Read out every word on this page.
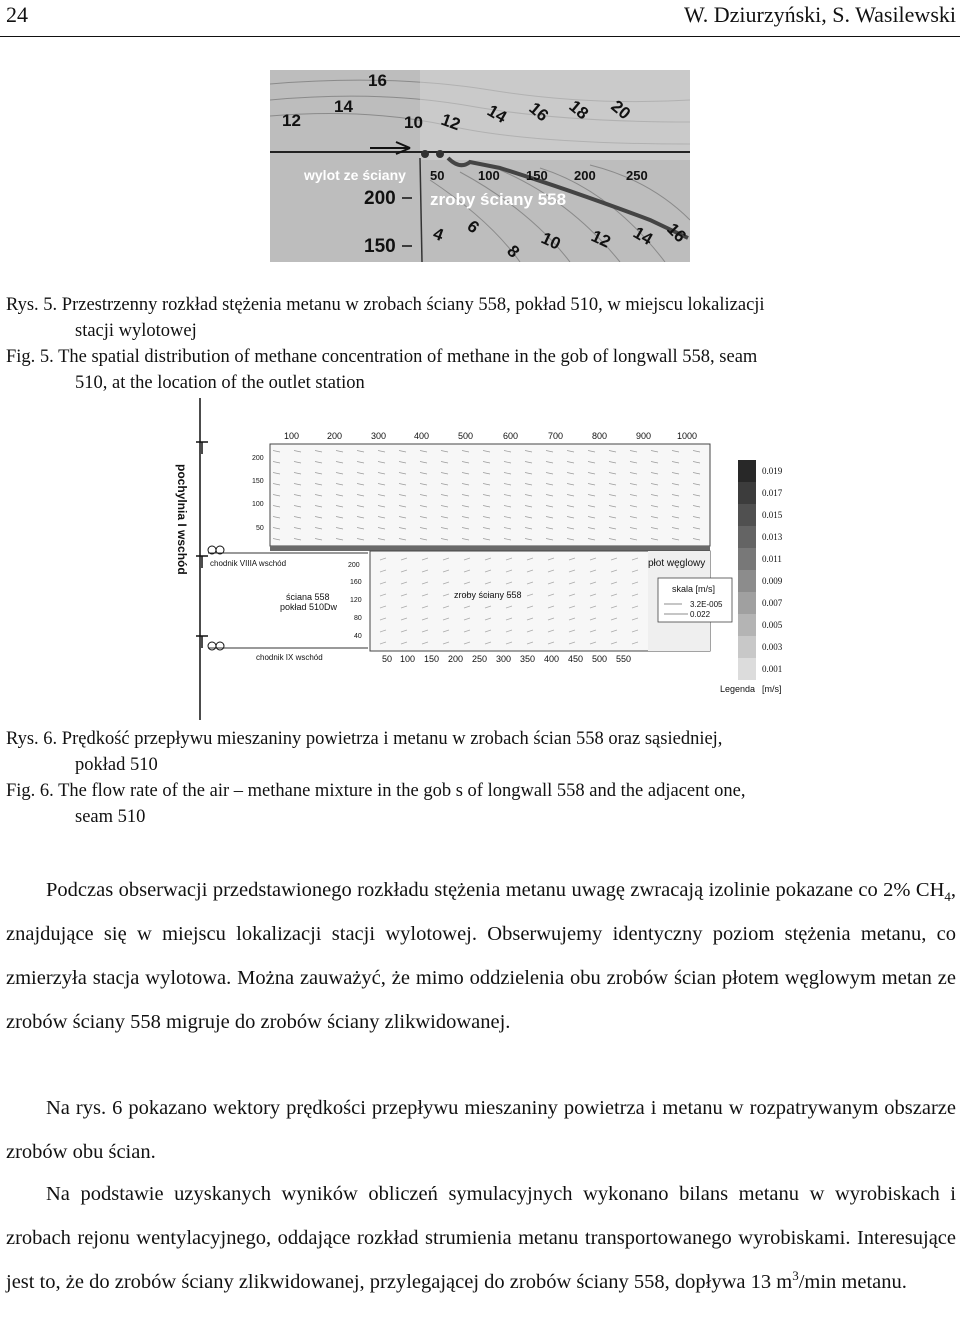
24	W. Dziurzyński, S. Wasilewski
12
14
16
10 12 14 16 18 20
4 6
8 10 12 14 16
wylot ze ściany
zroby ściany 558
50	100 150 200 250
200
150
Rys. 5. Przestrzenny rozkład stężenia metanu w zrobach ściany 558, pokład 510, w miejscu lokalizacji
stacji wylotowej
Fig. 5. The spatial distribution of methane concentration of methane in the gob of longwall 558, seam
510, at the location of the outlet station
pochylnia I wschód
100	200	300	400	500	600	700	800	900	1000
200
150
100
50
200
160
120
80
40
50 100 150 200 250 300 350 400 450 500 550
chodnik VIIIA wschód
chodnik IX wschód
ściana 558
pokład 510Dw
zroby ściany 558
płot węglowy
skala [m/s]
3.2E-005
0.022
0.019
0.017
0.015
0.013
0.011
0.009
0.007
0.005
0.003
0.001
Legenda [m/s]
Rys. 6. Prędkość przepływu mieszaniny powietrza i metanu w zrobach ścian 558 oraz sąsiedniej,
pokład 510
Fig. 6. The flow rate of the air – methane mixture in the gob s of longwall 558 and the adjacent one,
seam 510
Podczas obserwacji przedstawionego rozkładu stężenia metanu uwagę zwracają izolinie pokazane co 2% $CH_4$, znajdujące się w miejscu lokalizacji stacji wylotowej. Obserwujemy identyczny poziom stężenia metanu, co zmierzyła stacja wylotowa. Można zauważyć, że mimo oddzielenia obu zrobów ścian płotem węglowym metan ze zrobów ściany 558 migruje do zrobów ściany zlikwidowanej.
Na rys. 6 pokazano wektory prędkości przepływu mieszaniny powietrza i metanu w rozpatrywanym obszarze zrobów obu ścian.
Na podstawie uzyskanych wyników obliczeń symulacyjnych wykonano bilans metanu w wyrobiskach i zrobach rejonu wentylacyjnego, oddające rozkład strumienia metanu transportowanego wyrobiskami. Interesujące jest to, że do zrobów ściany zlikwidowanej, przylegającej do zrobów ściany 558, dopływa 13 $m^3/\min$ metanu.
